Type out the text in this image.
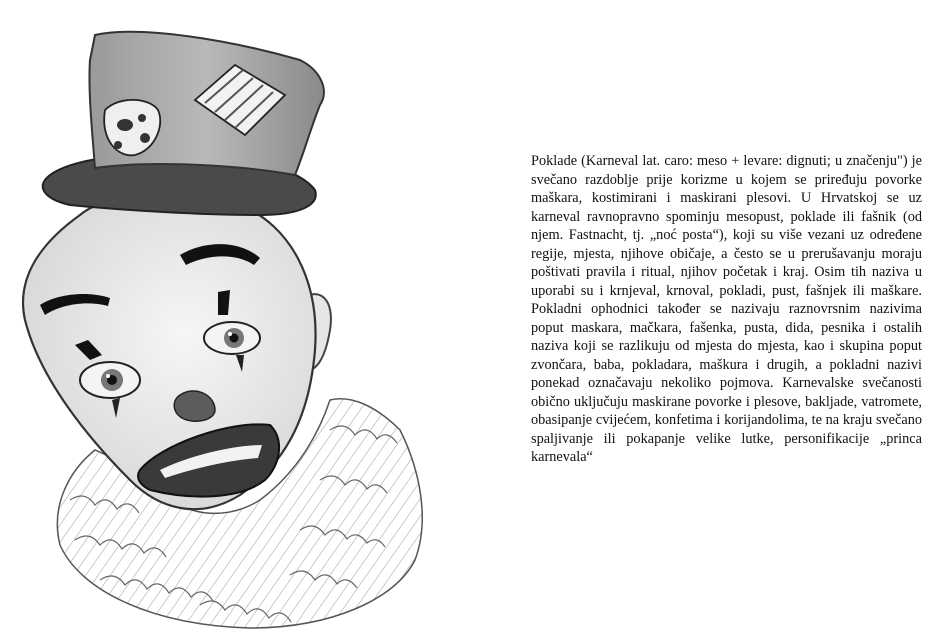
Poklade (Karneval lat. caro: meso + levare: dignuti; u značenju") je svečano razdoblje prije korizme u kojem se priređuju povorke maškara, kostimirani i maskirani plesovi. U Hrvatskoj se uz karneval ravnopravno spominju mesopust, poklade ili fašnik (od njem. Fastnacht, tj. „noć posta“), koji su više vezani uz određene regije, mjesta, njihove običaje, a često se u prerušavanju moraju poštivati pravila i ritual, njihov početak i kraj. Osim tih naziva u uporabi su i krnjeval, krnoval, pokladi, pust, fašnjek ili maškare. Pokladni ophodnici također se nazivaju raznovrsnim nazivima poput maskara, mačkara, fašenka, pusta, dida, pesnika i ostalih naziva koji se razlikuju od mjesta do mjesta, kao i skupina poput zvončara, baba, pokladara, maškura i drugih, a pokladni nazivi ponekad označavaju nekoliko pojmova. Karnevalske svečanosti obično uključuju maskirane povorke i plesove, bakljade, vatromete, obasipanje cvijećem, konfetima i korijandolima, te na kraju svečano spaljivanje ili pokapanje velike lutke, personifikacije „princa karnevala“
